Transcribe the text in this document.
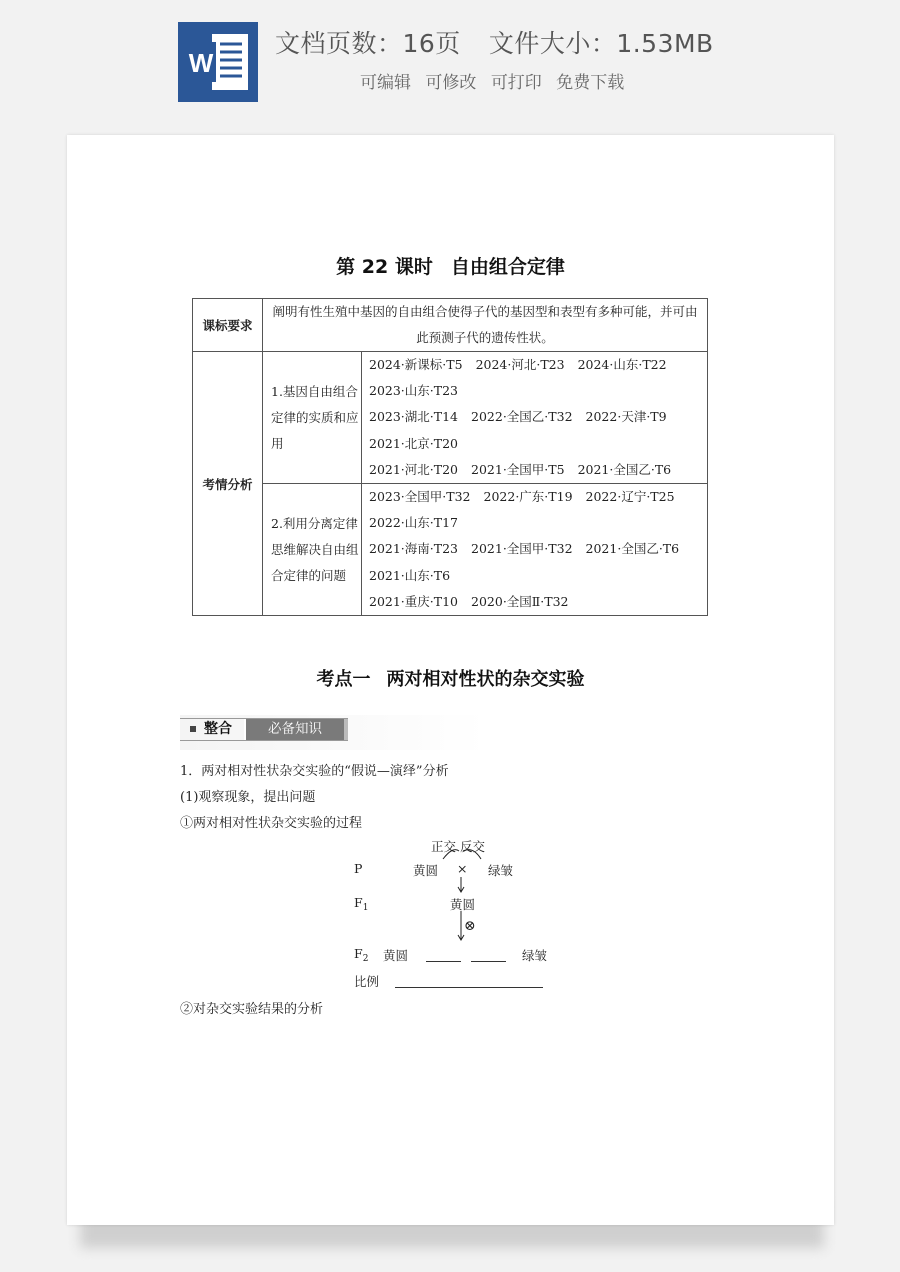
W
文档页数：16页 文件大小：1.53MB
可编辑 可修改 可打印 免费下载
第 22 课时 自由组合定律
课标要求	阐明有性生殖中基因的自由组合使得子代的基因型和表型有多种可能，并可由此预测子代的遗传性状。	
考情分析	1.基因自由组合定律的实质和应用	2024·新课标·T5 2024·河北·T23 2024·山东·T22
2023·山东·T23
2023·湖北·T14 2022·全国乙·T32 2022·天津·T9
2021·北京·T20
2021·河北·T20 2021·全国甲·T5 2021·全国乙·T6

	2.利用分离定律思维解决自由组合定律的问题	2023·全国甲·T32 2022·广东·T19 2022·辽宁·T25
2022·山东·T17
2021·海南·T23 2021·全国甲·T32 2021·全国乙·T6
2021·山东·T6
2021·重庆·T10 2020·全国Ⅱ·T32
考点一 两对相对性状的杂交实验
整合	必备知识
1．两对相对性状杂交实验的“假说—演绎”分析
(1)观察现象，提出问题
①两对相对性状杂交实验的过程
正交 反交
P	黄圆 × 绿皱
$F_1$	黄圆
⊗
$F_2$ 黄圆	绿皱
比例
②对杂交实验结果的分析
